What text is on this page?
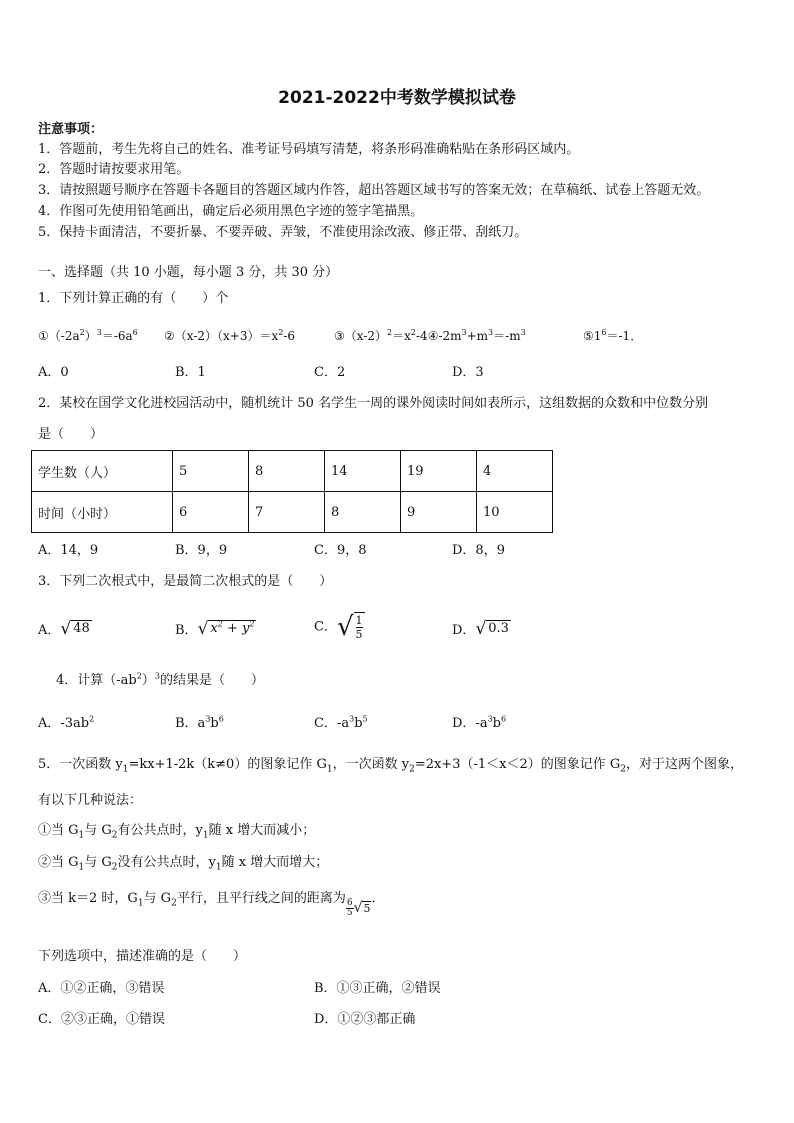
2021-2022中考数学模拟试卷
注意事项：
1．答题前，考生先将自己的姓名、准考证号码填写清楚，将条形码准确粘贴在条形码区域内。
2．答题时请按要求用笔。
3．请按照题号顺序在答题卡各题目的答题区域内作答，超出答题区域书写的答案无效；在草稿纸、试卷上答题无效。
4．作图可先使用铅笔画出，确定后必须用黑色字迹的签字笔描黑。
5．保持卡面清洁，不要折暴、不要弄破、弄皱，不准使用涂改液、修正带、刮纸刀。
一、选择题（共 10 小题，每小题 3 分，共 30 分）
1．下列计算正确的有（　　）个
$①(-2a^2)^3=-6a^6$ $②(x-2)(x+3)=x^2-6$	$③(x-2)^2=x^2-4④-2m^3+m^3=-m^3$	$⑤1^6=-1$．
A．0	B．1	C．2	D．3
2．某校在国学文化进校园活动中，随机统计 50 名学生一周的课外阅读时间如表所示，这组数据的众数和中位数分别
是（　　）
学生数（人）	5	8	14	19	4
时间（小时）	6	7	8	9	10
A．14，9	B．9，9	C．9，8	D．8，9
3．下列二次根式中，是最简二次根式的是（　　）
A． √ 48	B． √ $x^2 + y^2$	C． √ 1
5	D． √ 0.3
4．计算$(-ab^2)^3$的结果是（　　）
A．$-3ab^2$	B．$a^3b^6$	C．$-a^3b^5$	D．$-a^3b^6$
5．一次函数 $y_1=kx+1-2k(k\ne 0)$的图象记作 $G_1$，一次函数 $y_2=2x+3(-1<x<2)$的图象记作 $G_2$，对于这两个图象，
有以下几种说法：
①当 $G_1$与 $G_2$有公共点时，$y_1$随 x 增大而减小；
②当 $G_1$与 $G_2$没有公共点时，$y_1$随 x 增大而增大；
③当 k＝2 时，$G_1$与 $G_2$平行，且平行线之间的距离为
$\frac{6}{5}$ √ 5
．
下列选项中，描述准确的是（　　）
A．①②正确，③错误	B．①③正确，②错误
C．②③正确，①错误	D．①②③都正确
